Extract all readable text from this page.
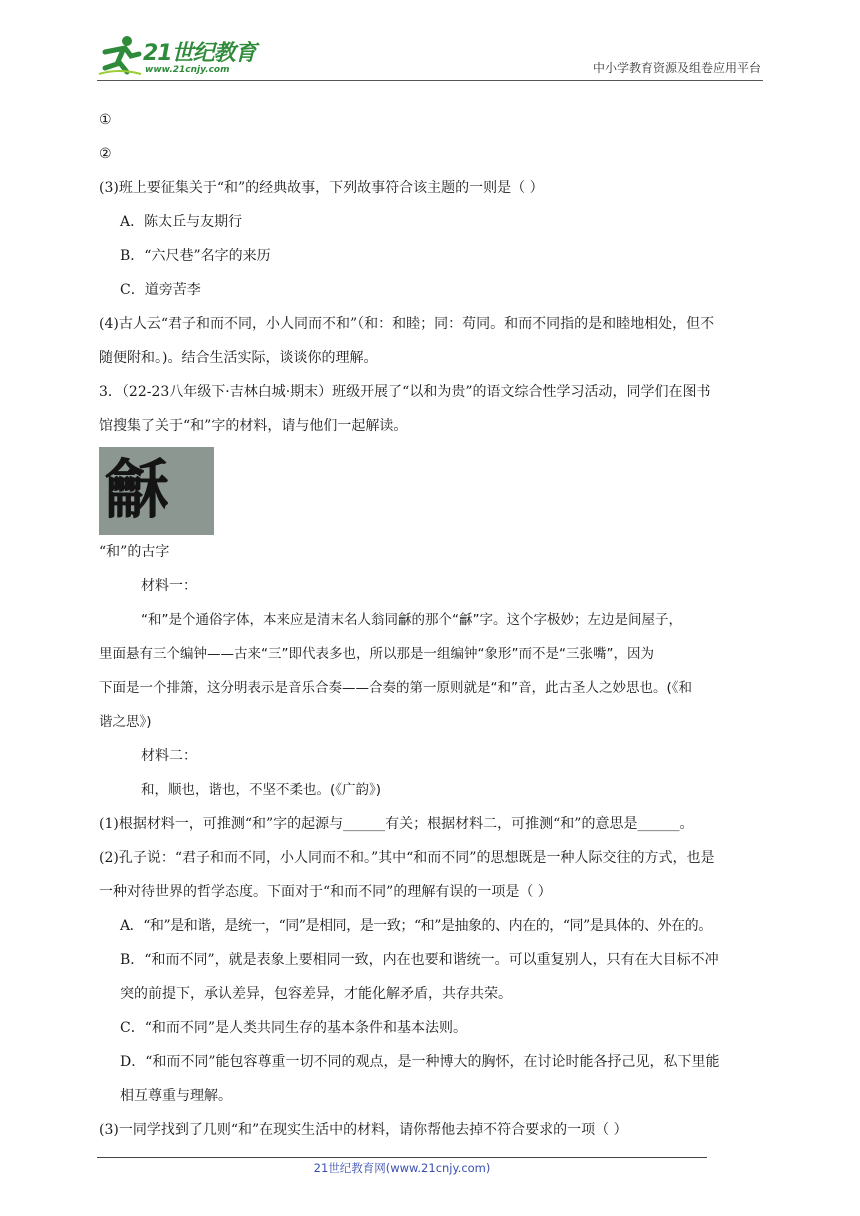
21世纪教育
www.21cnjy.com	中小学教育资源及组卷应用平台
①
②
(3)班上要征集关于“和”的经典故事，下列故事符合该主题的一则是（ ）
A．陈太丘与友期行
B．“六尺巷”名字的来历
C．道旁苦李
(4)古人云“君子和而不同，小人同而不和”（和：和睦；同：苟同。和而不同指的是和睦地相处，但不
随便附和。)。结合生活实际，谈谈你的理解。
3．（22-23八年级下·吉林白城·期末）班级开展了“以和为贵”的语文综合性学习活动，同学们在图书
馆搜集了关于“和”字的材料，请与他们一起解读。
龢
“和”的古字
材料一：
“和”是个通俗字体，本来应是清末名人翁同龢的那个“龢”字。这个字极妙；左边是间屋子，
里面悬有三个编钟——古来“三”即代表多也，所以那是一组编钟“象形”而不是“三张嘴”，因为
下面是一个排箫，这分明表示是音乐合奏——合奏的第一原则就是“和”音，此古圣人之妙思也。(《和
谐之思》)
材料二：
和，顺也，谐也，不坚不柔也。(《广韵》)
(1)根据材料一，可推测“和”字的起源与______有关；根据材料二，可推测“和”的意思是______。
(2)孔子说：“君子和而不同，小人同而不和。”其中“和而不同”的思想既是一种人际交往的方式，也是
一种对待世界的哲学态度。下面对于“和而不同”的理解有误的一项是（ ）
A．“和”是和谐，是统一，“同”是相同，是一致；“和”是抽象的、内在的，“同”是具体的、外在的。
B．“和而不同”，就是表象上要相同一致，内在也要和谐统一。可以重复别人，只有在大目标不冲
突的前提下，承认差异，包容差异，才能化解矛盾，共存共荣。
C．“和而不同”是人类共同生存的基本条件和基本法则。
D．“和而不同”能包容尊重一切不同的观点，是一种博大的胸怀，在讨论时能各抒己见，私下里能
相互尊重与理解。
(3)一同学找到了几则“和”在现实生活中的材料，请你帮他去掉不符合要求的一项（ ）
21世纪教育网(www.21cnjy.com)
